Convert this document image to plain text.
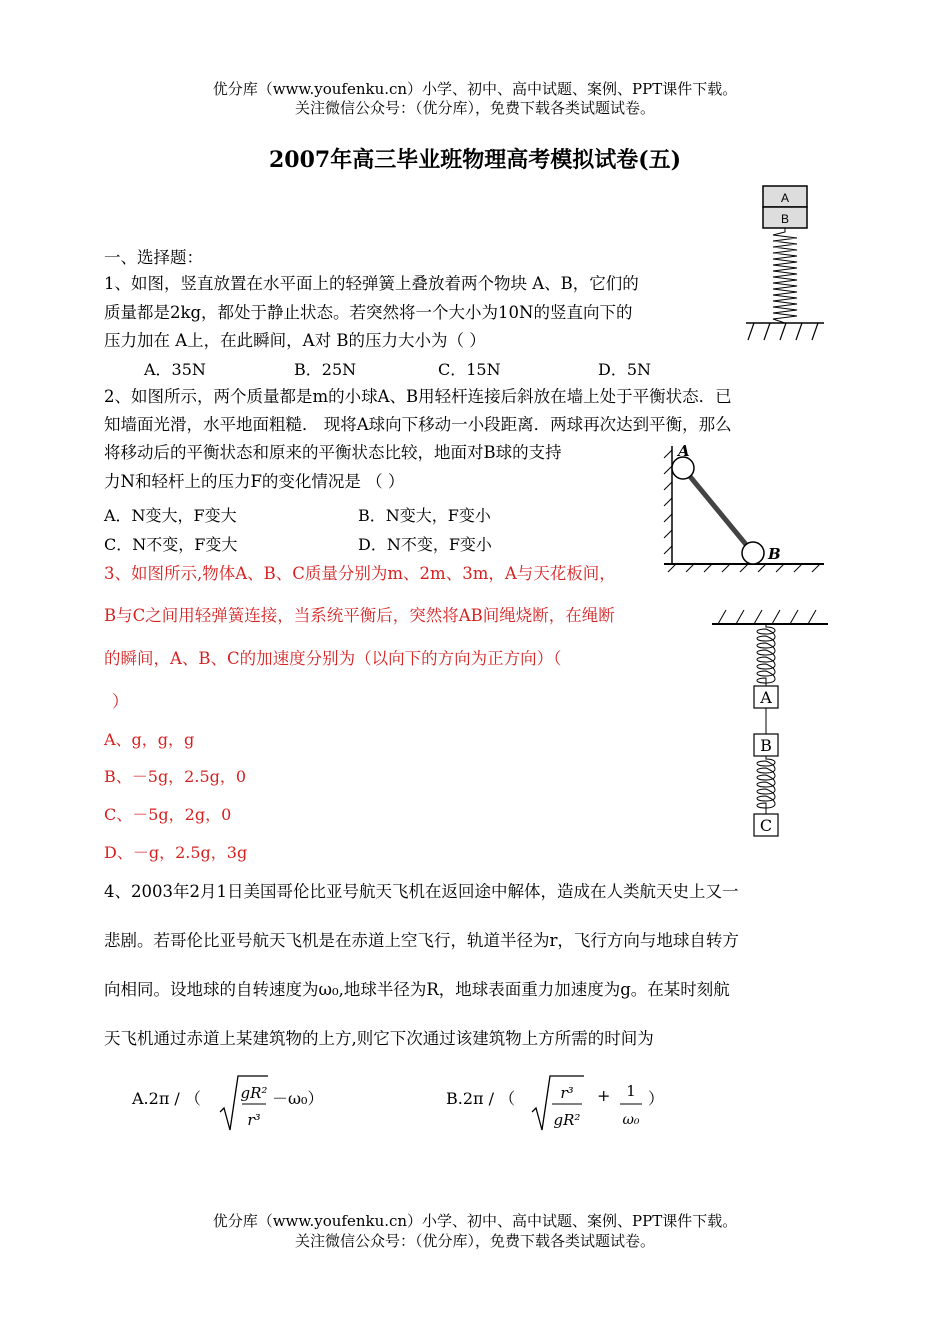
优分库（www.youfenku.cn）小学、初中、高中试题、案例、PPT课件下载。
关注微信公众号：（优分库），免费下载各类试题试卷。
2007年高三毕业班物理高考模拟试卷(五)
A
B
一、选择题：
1、如图，竖直放置在水平面上的轻弹簧上叠放着两个物块 A、B，它们的
质量都是2kg，都处于静止状态。若突然将一个大小为10N的竖直向下的
压力加在 A上，在此瞬间，A对 B的压力大小为（ ）
A．35N	B．25N	C．15N	D．5N
2、如图所示，两个质量都是m的小球A、B用轻杆连接后斜放在墙上处于平衡状态．已
知墙面光滑，水平地面粗糙． 现将A球向下移动一小段距离．两球再次达到平衡，那么
将移动后的平衡状态和原来的平衡状态比较，地面对B球的支持
力N和轻杆上的压力F的变化情况是 （ ）
A．N变大，F变大	B．N变大，F变小
C．N不变，F变大	D．N不变，F变小
A
B
3、如图所示,物体A、B、C质量分别为m、2m、3m，A与天花板间，
B与C之间用轻弹簧连接，当系统平衡后，突然将AB间绳烧断，在绳断
的瞬间，A、B、C的加速度分别为（以向下的方向为正方向）（
）
A、g，g，g
B、－5g，2.5g，0
C、－5g，2g，0
D、－g，2.5g，3g
A
B
C
4、2003年2月1日美国哥伦比亚号航天飞机在返回途中解体，造成在人类航天史上又一
悲剧。若哥伦比亚号航天飞机是在赤道上空飞行，轨道半径为r，飞行方向与地球自转方
向相同。设地球的自转速度为ω₀,地球半径为R，地球表面重力加速度为g。在某时刻航
天飞机通过赤道上某建筑物的上方,则它下次通过该建筑物上方所需的时间为
A.2π / （	gR²
r³
－ω₀）	B.2π / （	r³
gR²
+ 1
ω₀
）
优分库（www.youfenku.cn）小学、初中、高中试题、案例、PPT课件下载。
关注微信公众号：（优分库），免费下载各类试题试卷。
